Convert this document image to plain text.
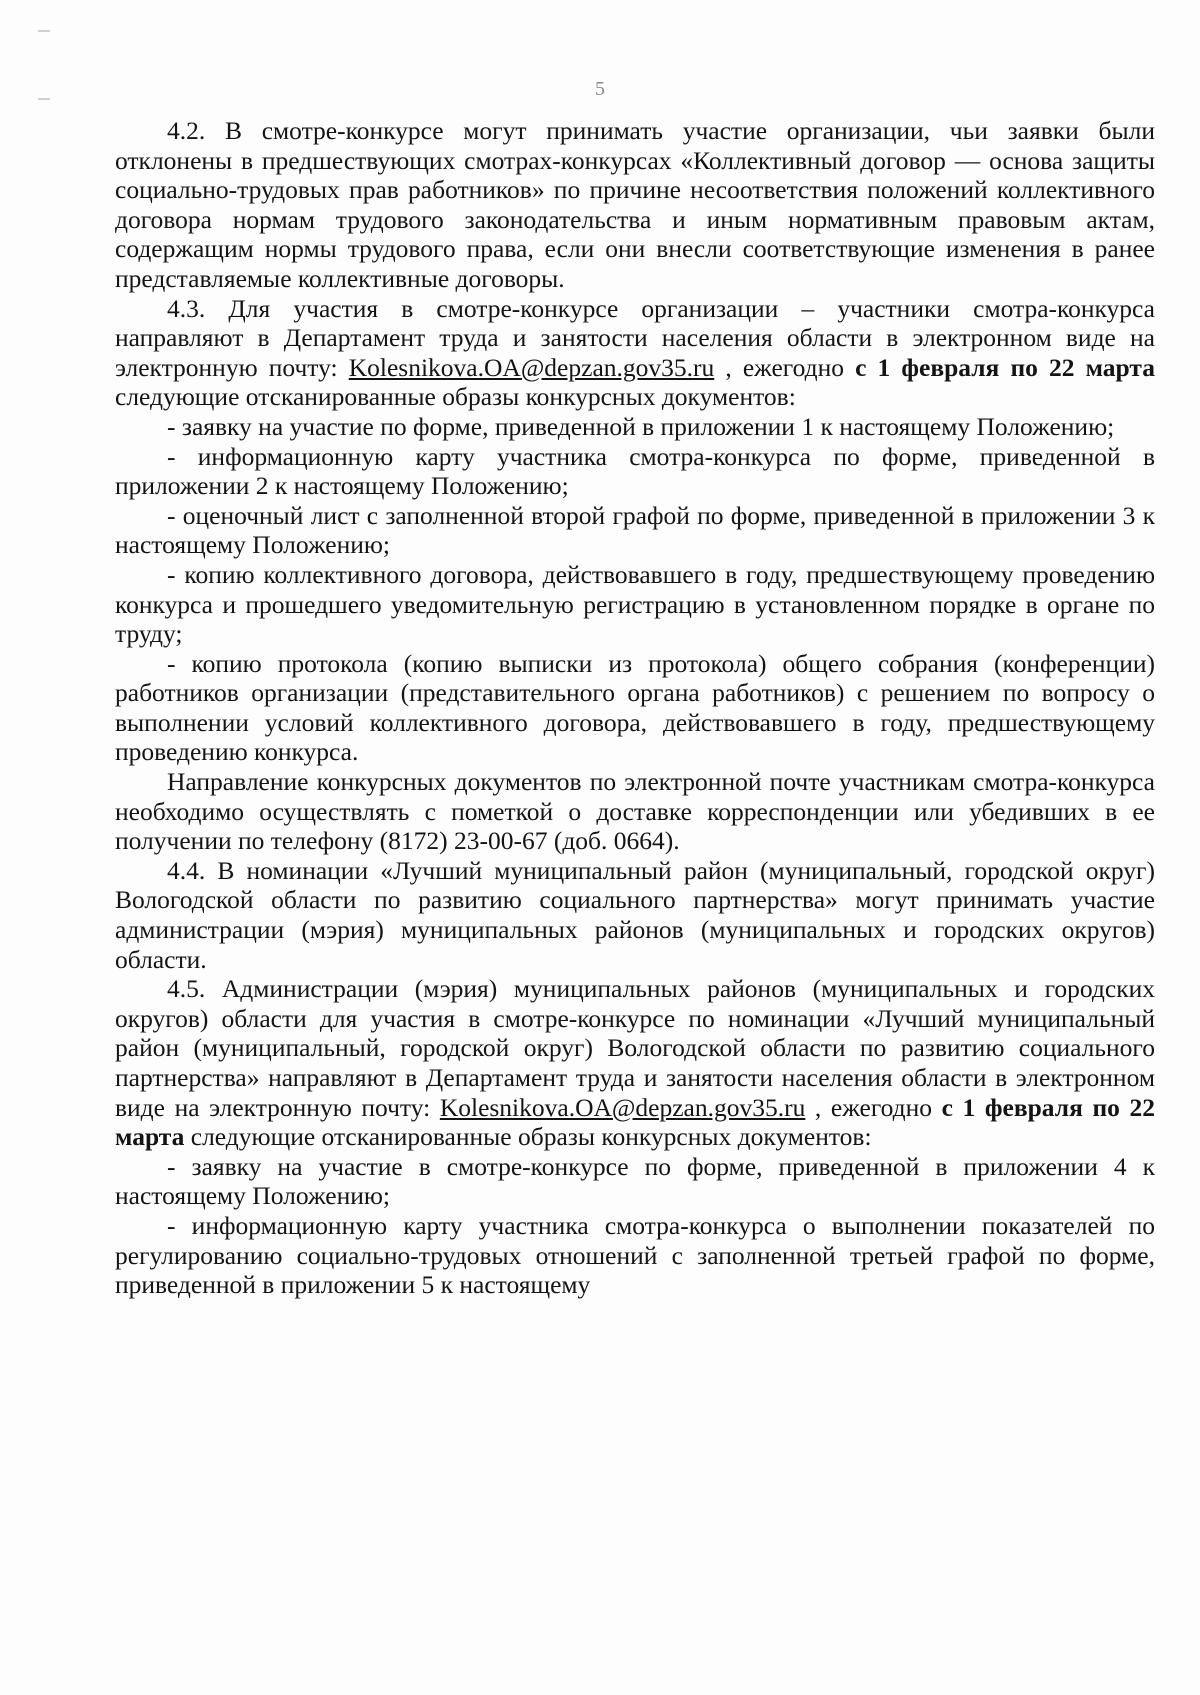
5

4.2. В смотре-конкурсе могут принимать участие организации, чьи заявки были отклонены в предшествующих смотрах-конкурсах «Коллективный договор — основа защиты социально-трудовых прав работников» по причине несоответствия положений коллективного договора нормам трудового законодательства и иным нормативным правовым актам, содержащим нормы трудового права, если они внесли соответствующие изменения в ранее представляемые коллективные договоры.

4.3. Для участия в смотре-конкурсе организации – участники смотра-конкурса направляют в Департамент труда и занятости населения области в электронном виде на электронную почту: Kolesnikova.OA@depzan.gov35.ru , ежегодно с 1 февраля по 22 марта следующие отсканированные образы конкурсных документов:

- заявку на участие по форме, приведенной в приложении 1 к настоящему Положению;

- информационную карту участника смотра-конкурса по форме, приведенной в приложении 2 к настоящему Положению;

- оценочный лист с заполненной второй графой по форме, приведенной в приложении 3 к настоящему Положению;

- копию коллективного договора, действовавшего в году, предшествующему проведению конкурса и прошедшего уведомительную регистрацию в установленном порядке в органе по труду;

- копию протокола (копию выписки из протокола) общего собрания (конференции) работников организации (представительного органа работников) с решением по вопросу о выполнении условий коллективного договора, действовавшего в году, предшествующему проведению конкурса.

Направление конкурсных документов по электронной почте участникам смотра-конкурса необходимо осуществлять с пометкой о доставке корреспонденции или убедивших в ее получении по телефону (8172) 23-00-67 (доб. 0664).

4.4. В номинации «Лучший муниципальный район (муниципальный, городской округ) Вологодской области по развитию социального партнерства» могут принимать участие администрации (мэрия) муниципальных районов (муниципальных и городских округов) области.

4.5. Администрации (мэрия) муниципальных районов (муниципальных и городских округов) области для участия в смотре-конкурсе по номинации «Лучший муниципальный район (муниципальный, городской округ) Вологодской области по развитию социального партнерства» направляют в Департамент труда и занятости населения области в электронном виде на электронную почту: Kolesnikova.OA@depzan.gov35.ru , ежегодно с 1 февраля по 22 марта следующие отсканированные образы конкурсных документов:

- заявку на участие в смотре-конкурсе по форме, приведенной в приложении 4 к настоящему Положению;

- информационную карту участника смотра-конкурса о выполнении показателей по регулированию социально-трудовых отношений с заполненной третьей графой по форме, приведенной в приложении 5 к настоящему
